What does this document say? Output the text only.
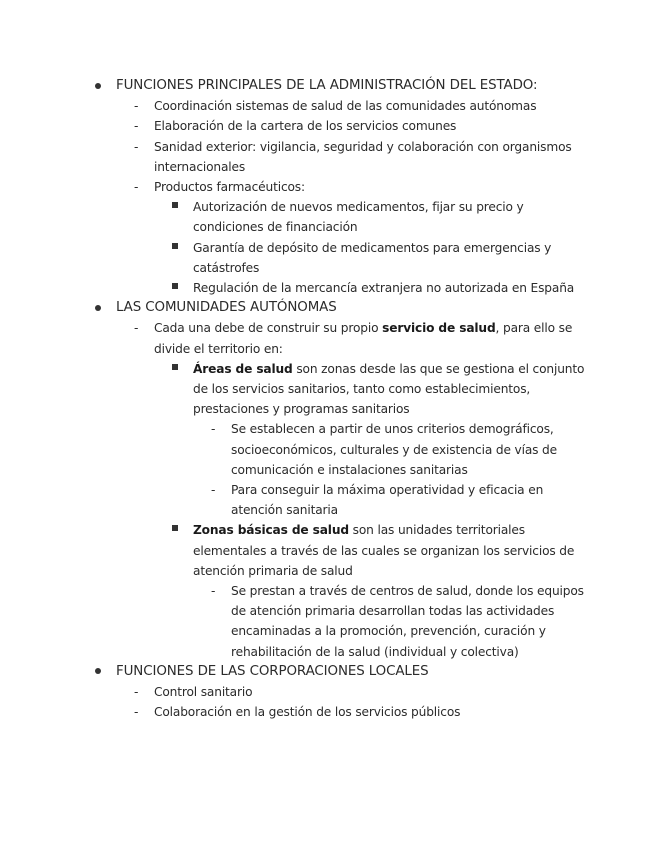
FUNCIONES PRINCIPALES DE LA ADMINISTRACIÓN DEL ESTADO:
- Coordinación sistemas de salud de las comunidades autónomas
- Elaboración de la cartera de los servicios comunes
- Sanidad exterior: vigilancia, seguridad y colaboración con organismos internacionales
- Productos farmacéuticos:
Autorización de nuevos medicamentos, fijar su precio y condiciones de financiación
Garantía de depósito de medicamentos para emergencias y catástrofes
Regulación de la mercancía extranjera no autorizada en España
LAS COMUNIDADES AUTÓNOMAS
- Cada una debe de construir su propio servicio de salud, para ello se divide el territorio en:
Áreas de salud son zonas desde las que se gestiona el conjunto de los servicios sanitarios, tanto como establecimientos, prestaciones y programas sanitarios
- Se establecen a partir de unos criterios demográficos, socioeconómicos, culturales y de existencia de vías de comunicación e instalaciones sanitarias
- Para conseguir la máxima operatividad y eficacia en atención sanitaria
Zonas básicas de salud son las unidades territoriales elementales a través de las cuales se organizan los servicios de atención primaria de salud
- Se prestan a través de centros de salud, donde los equipos de atención primaria desarrollan todas las actividades encaminadas a la promoción, prevención, curación y rehabilitación de la salud (individual y colectiva)
FUNCIONES DE LAS CORPORACIONES LOCALES
- Control sanitario
- Colaboración en la gestión de los servicios públicos
